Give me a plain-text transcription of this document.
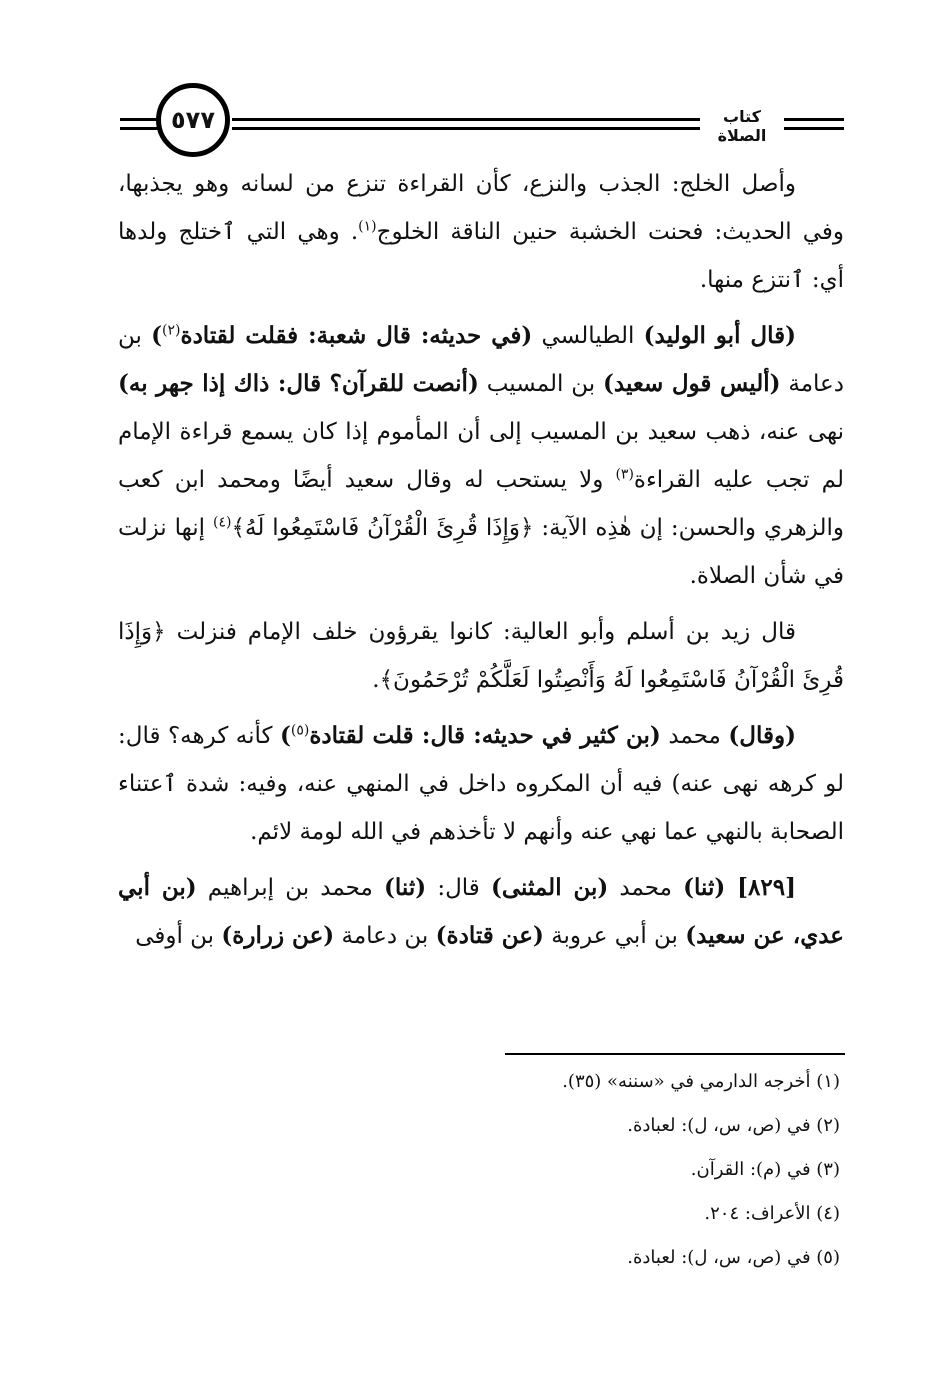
٥٧٧	كتاب الصلاة

وأصل الخلج: الجذب والنزع، كأن القراءة تنزع من لسانه وهو يجذبها، وفي الحديث: فحنت الخشبة حنين الناقة الخلوج$^{(١)}$. وهي التي ٱختلج ولدها أي: ٱنتزع منها.

(قال أبو الوليد) الطيالسي (في حديثه: قال شعبة: فقلت لقتادة$^{(٢)}$) بن دعامة (أليس قول سعيد) بن المسيب (أنصت للقرآن؟ قال: ذاك إذا جهر به) نهى عنه، ذهب سعيد بن المسيب إلى أن المأموم إذا كان يسمع قراءة الإمام لم تجب عليه القراءة$^{(٣)}$ ولا يستحب له وقال سعيد أيضًا ومحمد ابن كعب والزهري والحسن: إن هٰذِه الآية: ﴿وَإِذَا قُرِئَ الْقُرْآنُ فَاسْتَمِعُوا لَهُ﴾$^{(٤)}$ إنها نزلت في شأن الصلاة.

قال زيد بن أسلم وأبو العالية: كانوا يقرؤون خلف الإمام فنزلت ﴿وَإِذَا قُرِئَ الْقُرْآنُ فَاسْتَمِعُوا لَهُ وَأَنْصِتُوا لَعَلَّكُمْ تُرْحَمُونَ﴾.

(وقال) محمد (بن كثير في حديثه: قال: قلت لقتادة$^{(٥)}$) كأنه كرهه؟ قال: لو كرهه نهى عنه) فيه أن المكروه داخل في المنهي عنه، وفيه: شدة ٱعتناء الصحابة بالنهي عما نهي عنه وأنهم لا تأخذهم في الله لومة لائم.

[٨٢٩] (ثنا) محمد (بن المثنى) قال: (ثنا) محمد بن إبراهيم (بن أبي عدي، عن سعيد) بن أبي عروبة (عن قتادة) بن دعامة (عن زرارة) بن أوفى

(١) أخرجه الدارمي في «سننه» (٣٥).
(٢) في (ص، س، ل): لعبادة.
(٣) في (م): القرآن.
(٤) الأعراف: ٢٠٤.
(٥) في (ص، س، ل): لعبادة.
